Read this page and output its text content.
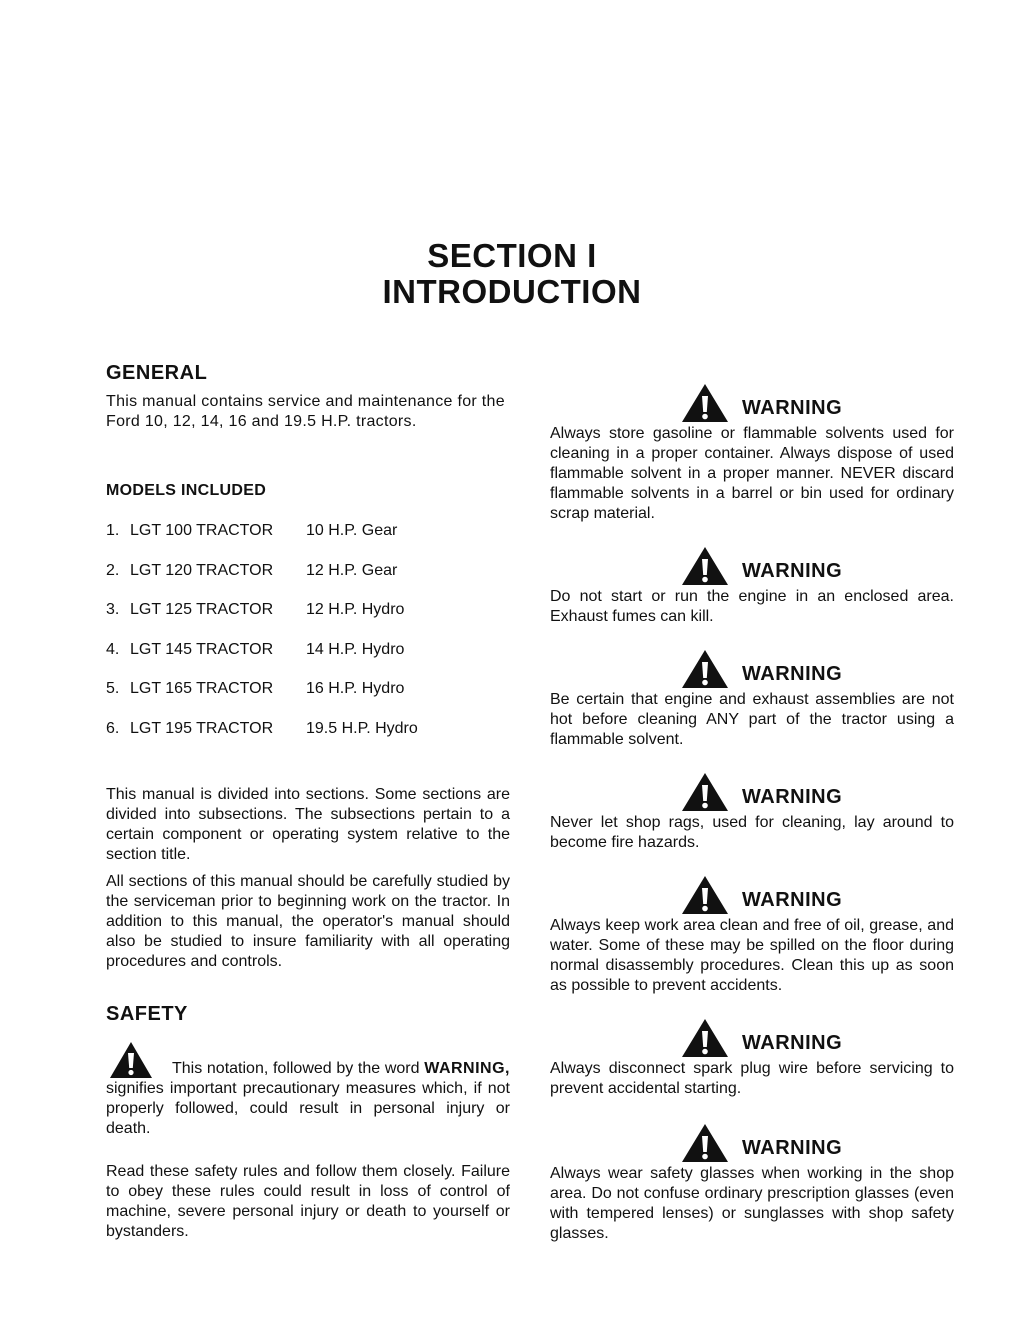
SECTION I
INTRODUCTION
GENERAL

This manual contains service and maintenance for the Ford 10, 12, 14, 16 and 19.5 H.P. tractors.

MODELS INCLUDED
1. LGT 100 TRACTOR	10 H.P. Gear
2. LGT 120 TRACTOR	12 H.P. Gear
3. LGT 125 TRACTOR	12 H.P. Hydro
4. LGT 145 TRACTOR	14 H.P. Hydro
5. LGT 165 TRACTOR	16 H.P. Hydro
6. LGT 195 TRACTOR	19.5 H.P. Hydro

This manual is divided into sections. Some sections are divided into subsections. The subsections pertain to a certain component or operating system relative to the section title.

All sections of this manual should be carefully studied by the serviceman prior to beginning work on the tractor. In addition to this manual, the operator's manual should also be studied to insure familiarity with all operating procedures and controls.

SAFETY

This notation, followed by the word WARNING, signifies important precautionary measures which, if not properly followed, could result in personal injury or death.

Read these safety rules and follow them closely. Failure to obey these rules could result in loss of control of machine, severe personal injury or death to yourself or bystanders.

WARNING

Always store gasoline or flammable solvents used for cleaning in a proper container. Always dispose of used flammable solvent in a proper manner. NEVER discard flammable solvents in a barrel or bin used for ordinary scrap material.

WARNING

Do not start or run the engine in an enclosed area. Exhaust fumes can kill.

WARNING

Be certain that engine and exhaust assemblies are not hot before cleaning ANY part of the tractor using a flammable solvent.

WARNING

Never let shop rags, used for cleaning, lay around to become fire hazards.

WARNING

Always keep work area clean and free of oil, grease, and water. Some of these may be spilled on the floor during normal disassembly procedures. Clean this up as soon as possible to prevent accidents.

WARNING

Always disconnect spark plug wire before servicing to prevent accidental starting.

WARNING

Always wear safety glasses when working in the shop area. Do not confuse ordinary prescription glasses (even with tempered lenses) or sunglasses with shop safety glasses.
